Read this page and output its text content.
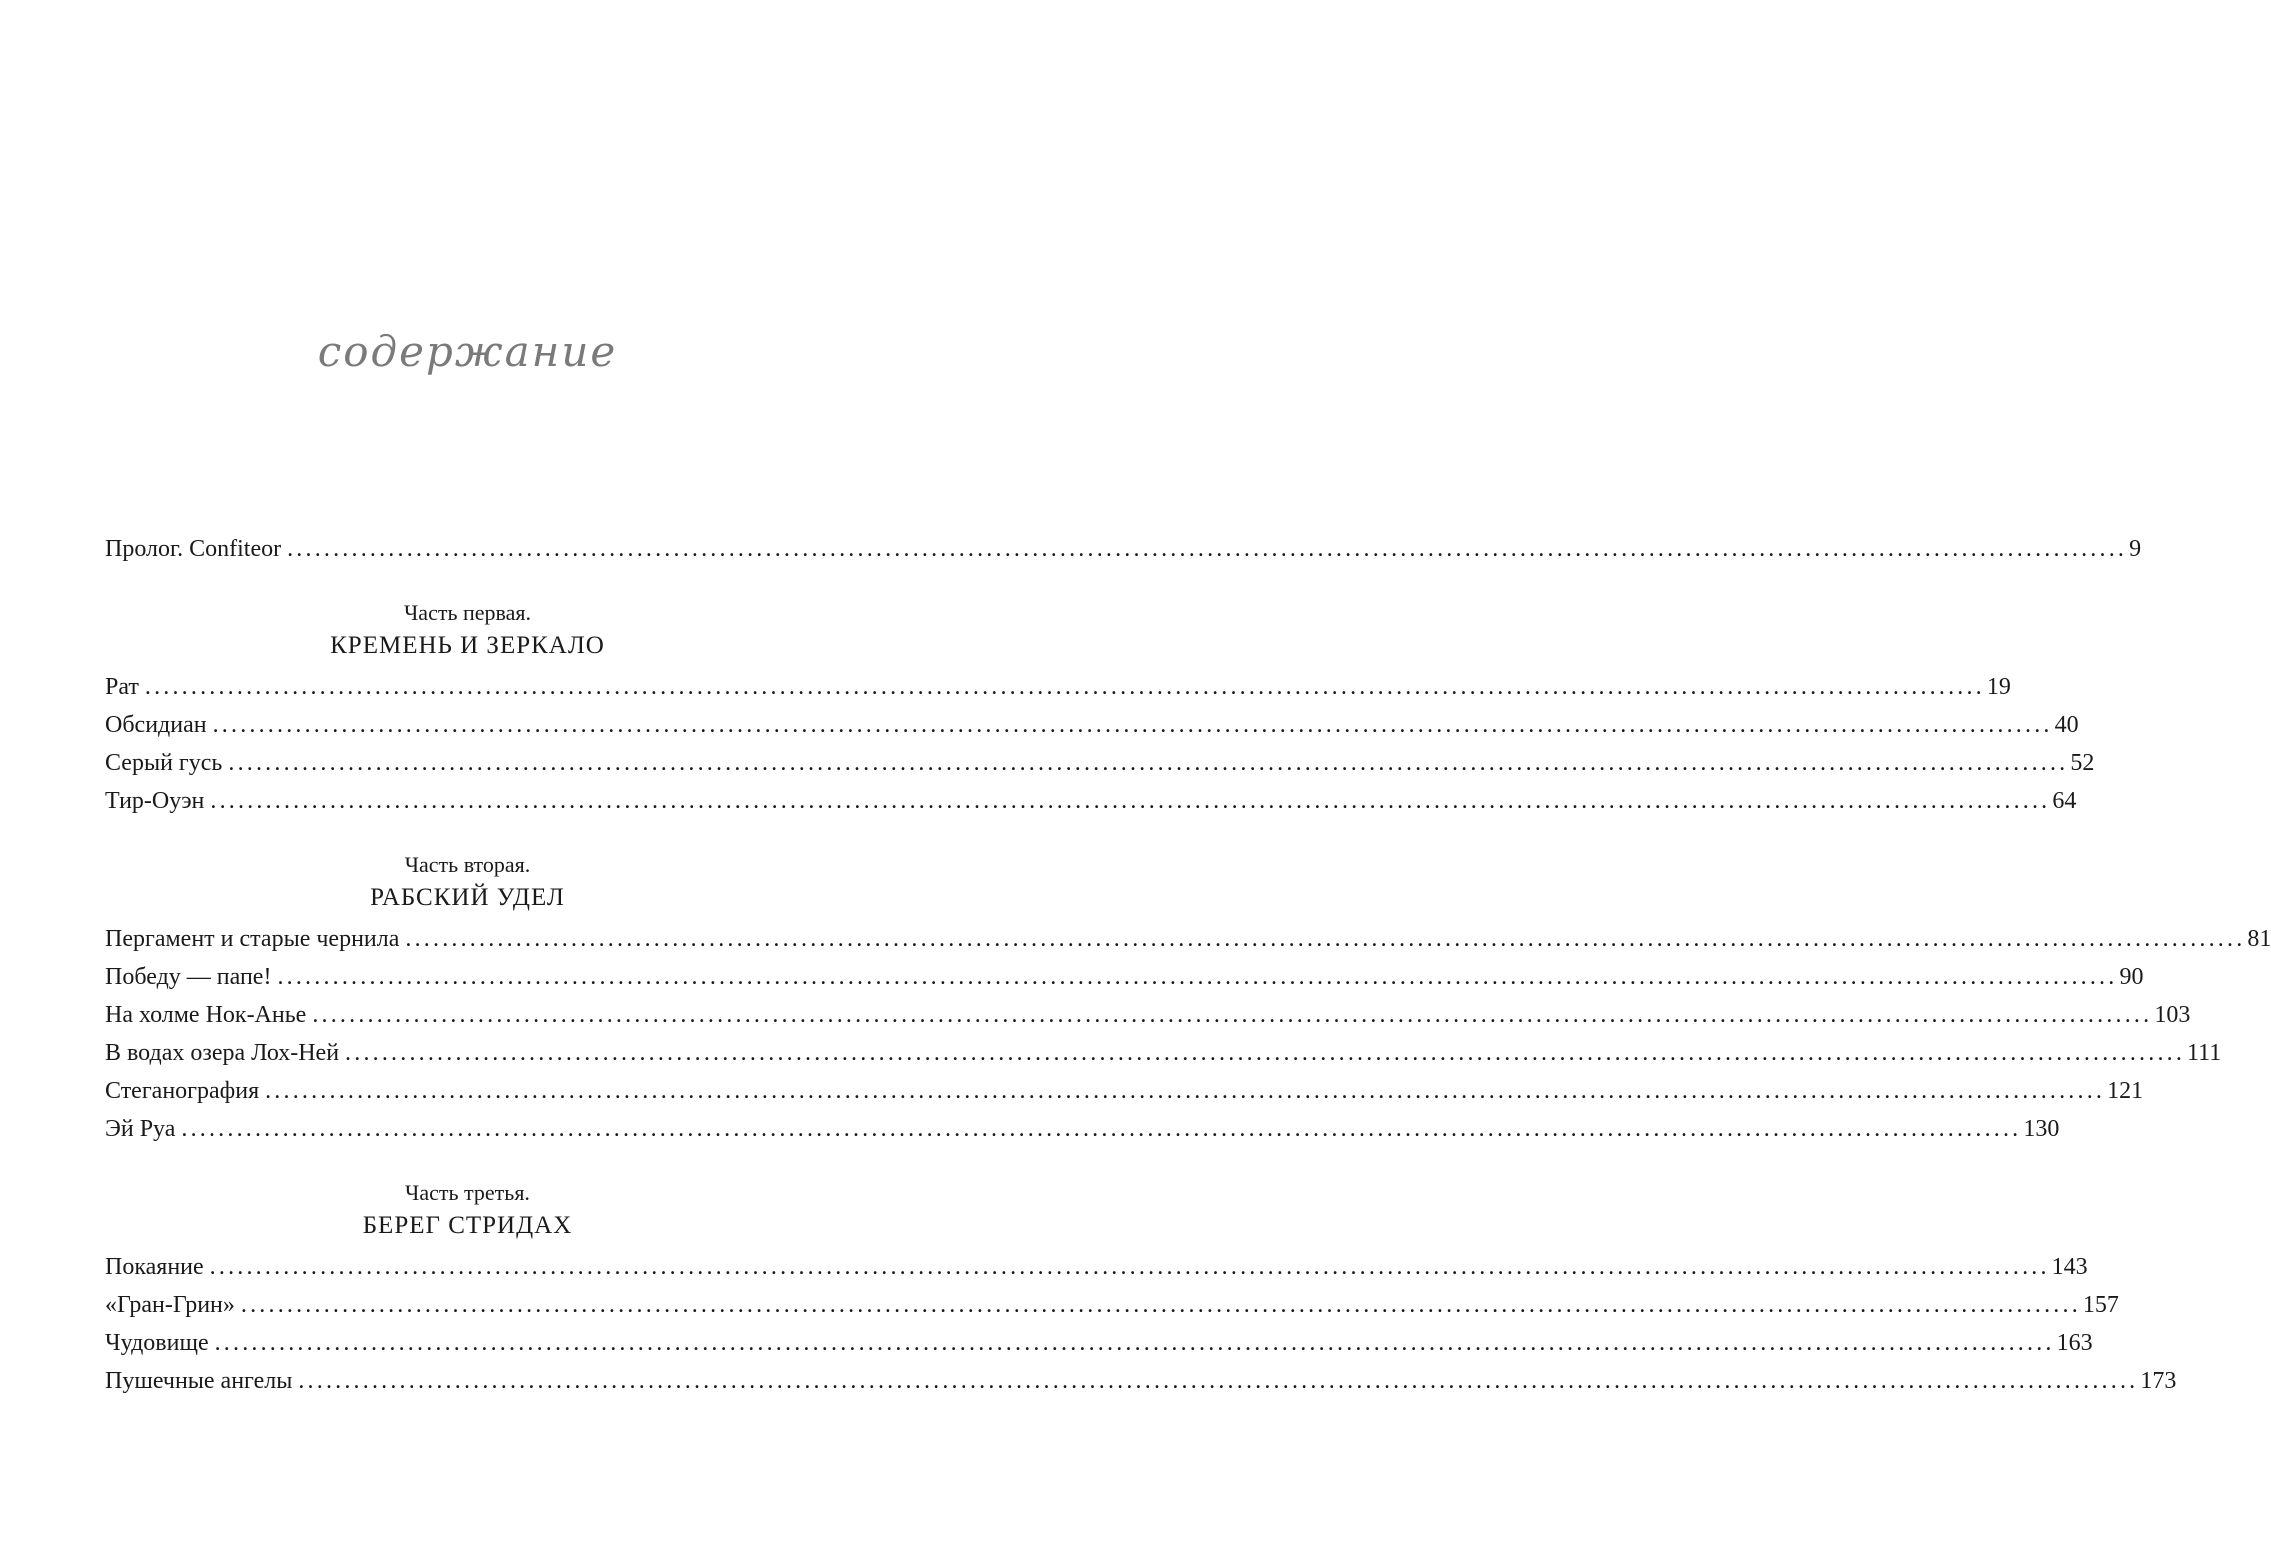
содержание
Пролог. Confiteor ........................................................................................................................................................................................................ 9
Часть первая.
КРЕМЕНЬ И ЗЕРКАЛО
Рат ........................................................................................................................................................................................................ 19
Обсидиан ........................................................................................................................................................................................................ 40
Серый гусь ........................................................................................................................................................................................................ 52
Тир-Оуэн ........................................................................................................................................................................................................ 64
Часть вторая.
РАБСКИЙ УДЕЛ
Пергамент и старые чернила ........................................................................................................................................................................................................ 81
Победу — папе! ........................................................................................................................................................................................................ 90
На холме Нок-Анье ........................................................................................................................................................................................................ 103
В водах озера Лох-Ней ........................................................................................................................................................................................................ 111
Стеганография ........................................................................................................................................................................................................ 121
Эй Руа ........................................................................................................................................................................................................ 130
Часть третья.
БЕРЕГ СТРИДАХ
Покаяние ........................................................................................................................................................................................................ 143
«Гран-Грин» ........................................................................................................................................................................................................ 157
Чудовище ........................................................................................................................................................................................................ 163
Пушечные ангелы ........................................................................................................................................................................................................ 173
